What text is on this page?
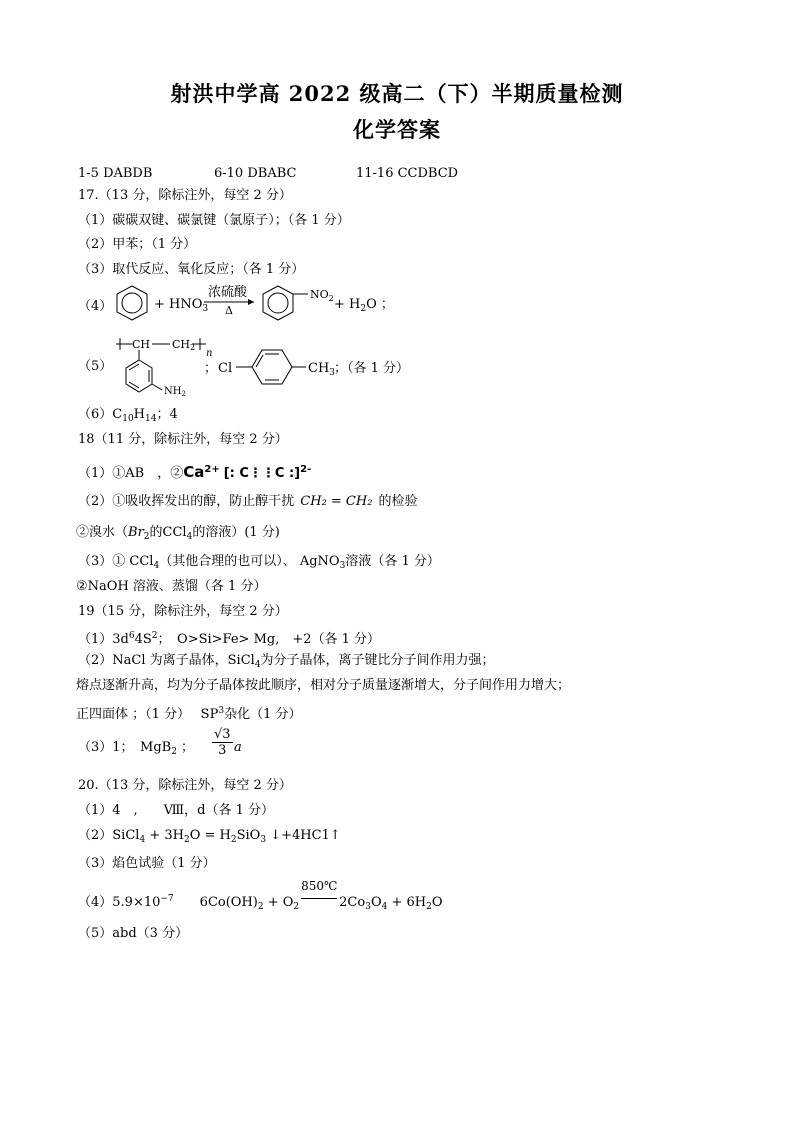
射洪中学高 2022 级高二（下）半期质量检测
化学答案
1-5 DABDB	6-10 DBABC	11-16 CCDBCD
17.（13 分，除标注外，每空 2 分）
（1）碳碳双键、碳氯键（氯原子）；（各 1 分）
（2）甲苯；（1 分）
（3）取代反应、氧化反应；（各 1 分）
（4）	+ $HNO_3$
浓硫酸
Δ
$NO_2 + H_2O$ ；
（5）
CH CH2
n
$NH_2$
； Cl	$CH_3$
；（各 1 分）
$(6)C_{10}H_{14}$；4
18（11 分，除标注外，每空 2 分）
（1）①AB　，$②Ca^{2+}$ [: C⋮⋮C :]$^{2-}$
（2）①吸收挥发出的醇，防止醇干扰 CH₂ = CH₂ 的检验
②溴水（$Br_2$的CCl$_4$的溶液）(1 分)
（3）① CCl$_4$（其他合理的也可以）、 AgNO$_3$溶液（各 1 分）
②NaOH 溶液、蒸馏（各 1 分）
19（15 分，除标注外，每空 2 分）
$(1)3d^64S^2$；　O>Si>Fe> Mg,　+2（各 1 分）
（2）NaCl 为离子晶体，SiCl$_4$为分子晶体，离子键比分子间作用力强；
熔点逐渐升高，均为分子晶体按此顺序，相对分子质量逐渐增大，分子间作用力增大；
正四面体 ；（1 分）　 $SP^3$杂化（1 分）
（3）1；　MgB$_2$ ； $\frac{√3}{3}$ a
20.（13 分，除标注外，每空 2 分）
（1）4　,　　Ⅷ，d（各 1 分）
（2）SiCl$_4$ + $3H_2O = H_2SiO_3$ ↓+4HC1↑
（3）焰色试验（1 分）
$(4)5.9\times 10^{-7}$ $6Co(OH)_2 + O_2$
850℃
$2Co_3O_4 + 6H_2O$
（5）abd（3 分）
